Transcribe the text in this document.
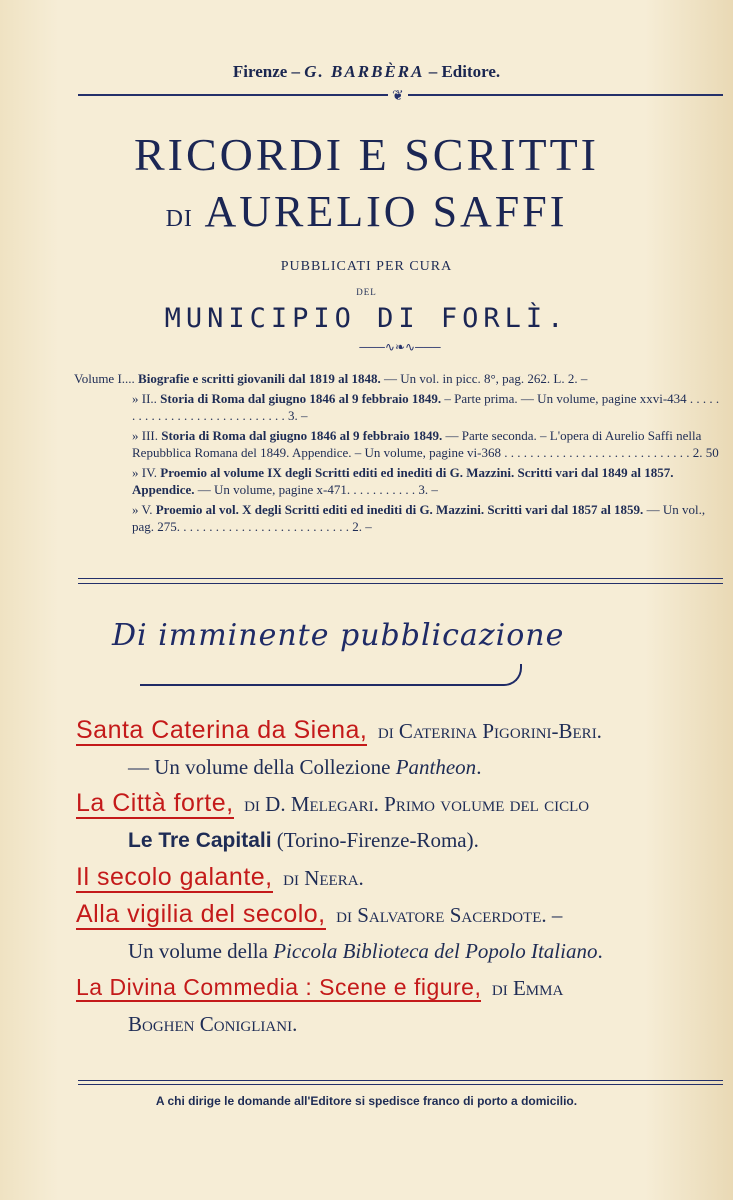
Firenze – G. BARBÈRA – Editore.
❦
RICORDI E SCRITTI
DI AURELIO SAFFI
PUBBLICATI PER CURA
DEL
MUNICIPIO DI FORLÌ.
───∿❧∿───
Volume I.... Biografie e scritti giovanili dal 1819 al 1848. — Un vol. in picc. 8°, pag. 262. L. 2. –
» II.. Storia di Roma dal giugno 1846 al 9 febbraio 1849. – Parte prima. — Un volume, pagine xxvi-434 . . . . . . . . . . . . . . . . . . . . . . . . . . . . . 3. –
» III. Storia di Roma dal giugno 1846 al 9 febbraio 1849. — Parte seconda. – L'opera di Aurelio Saffi nella Repubblica Romana del 1849. Appendice. – Un volume, pagine vi-368 . . . . . . . . . . . . . . . . . . . . . . . . . . . . . 2. 50
» IV. Proemio al volume IX degli Scritti editi ed inediti di G. Mazzini. Scritti vari dal 1849 al 1857. Appendice. — Un volume, pagine x-471. . . . . . . . . . . 3. –
» V. Proemio al vol. X degli Scritti editi ed inediti di G. Mazzini. Scritti vari dal 1857 al 1859. — Un vol., pag. 275. . . . . . . . . . . . . . . . . . . . . . . . . . . 2. –
Di imminente pubblicazione
Santa Caterina da Siena, di Caterina Pigorini-Beri.
— Un volume della Collezione Pantheon.
La Città forte, di D. Melegari. Primo volume del ciclo
Le Tre Capitali (Torino-Firenze-Roma).
Il secolo galante, di Neera.
Alla vigilia del secolo, di Salvatore Sacerdote. –
Un volume della Piccola Biblioteca del Popolo Italiano.
La Divina Commedia : Scene e figure, di Emma
Boghen Conigliani.
A chi dirige le domande all'Editore si spedisce franco di porto a domicilio.
